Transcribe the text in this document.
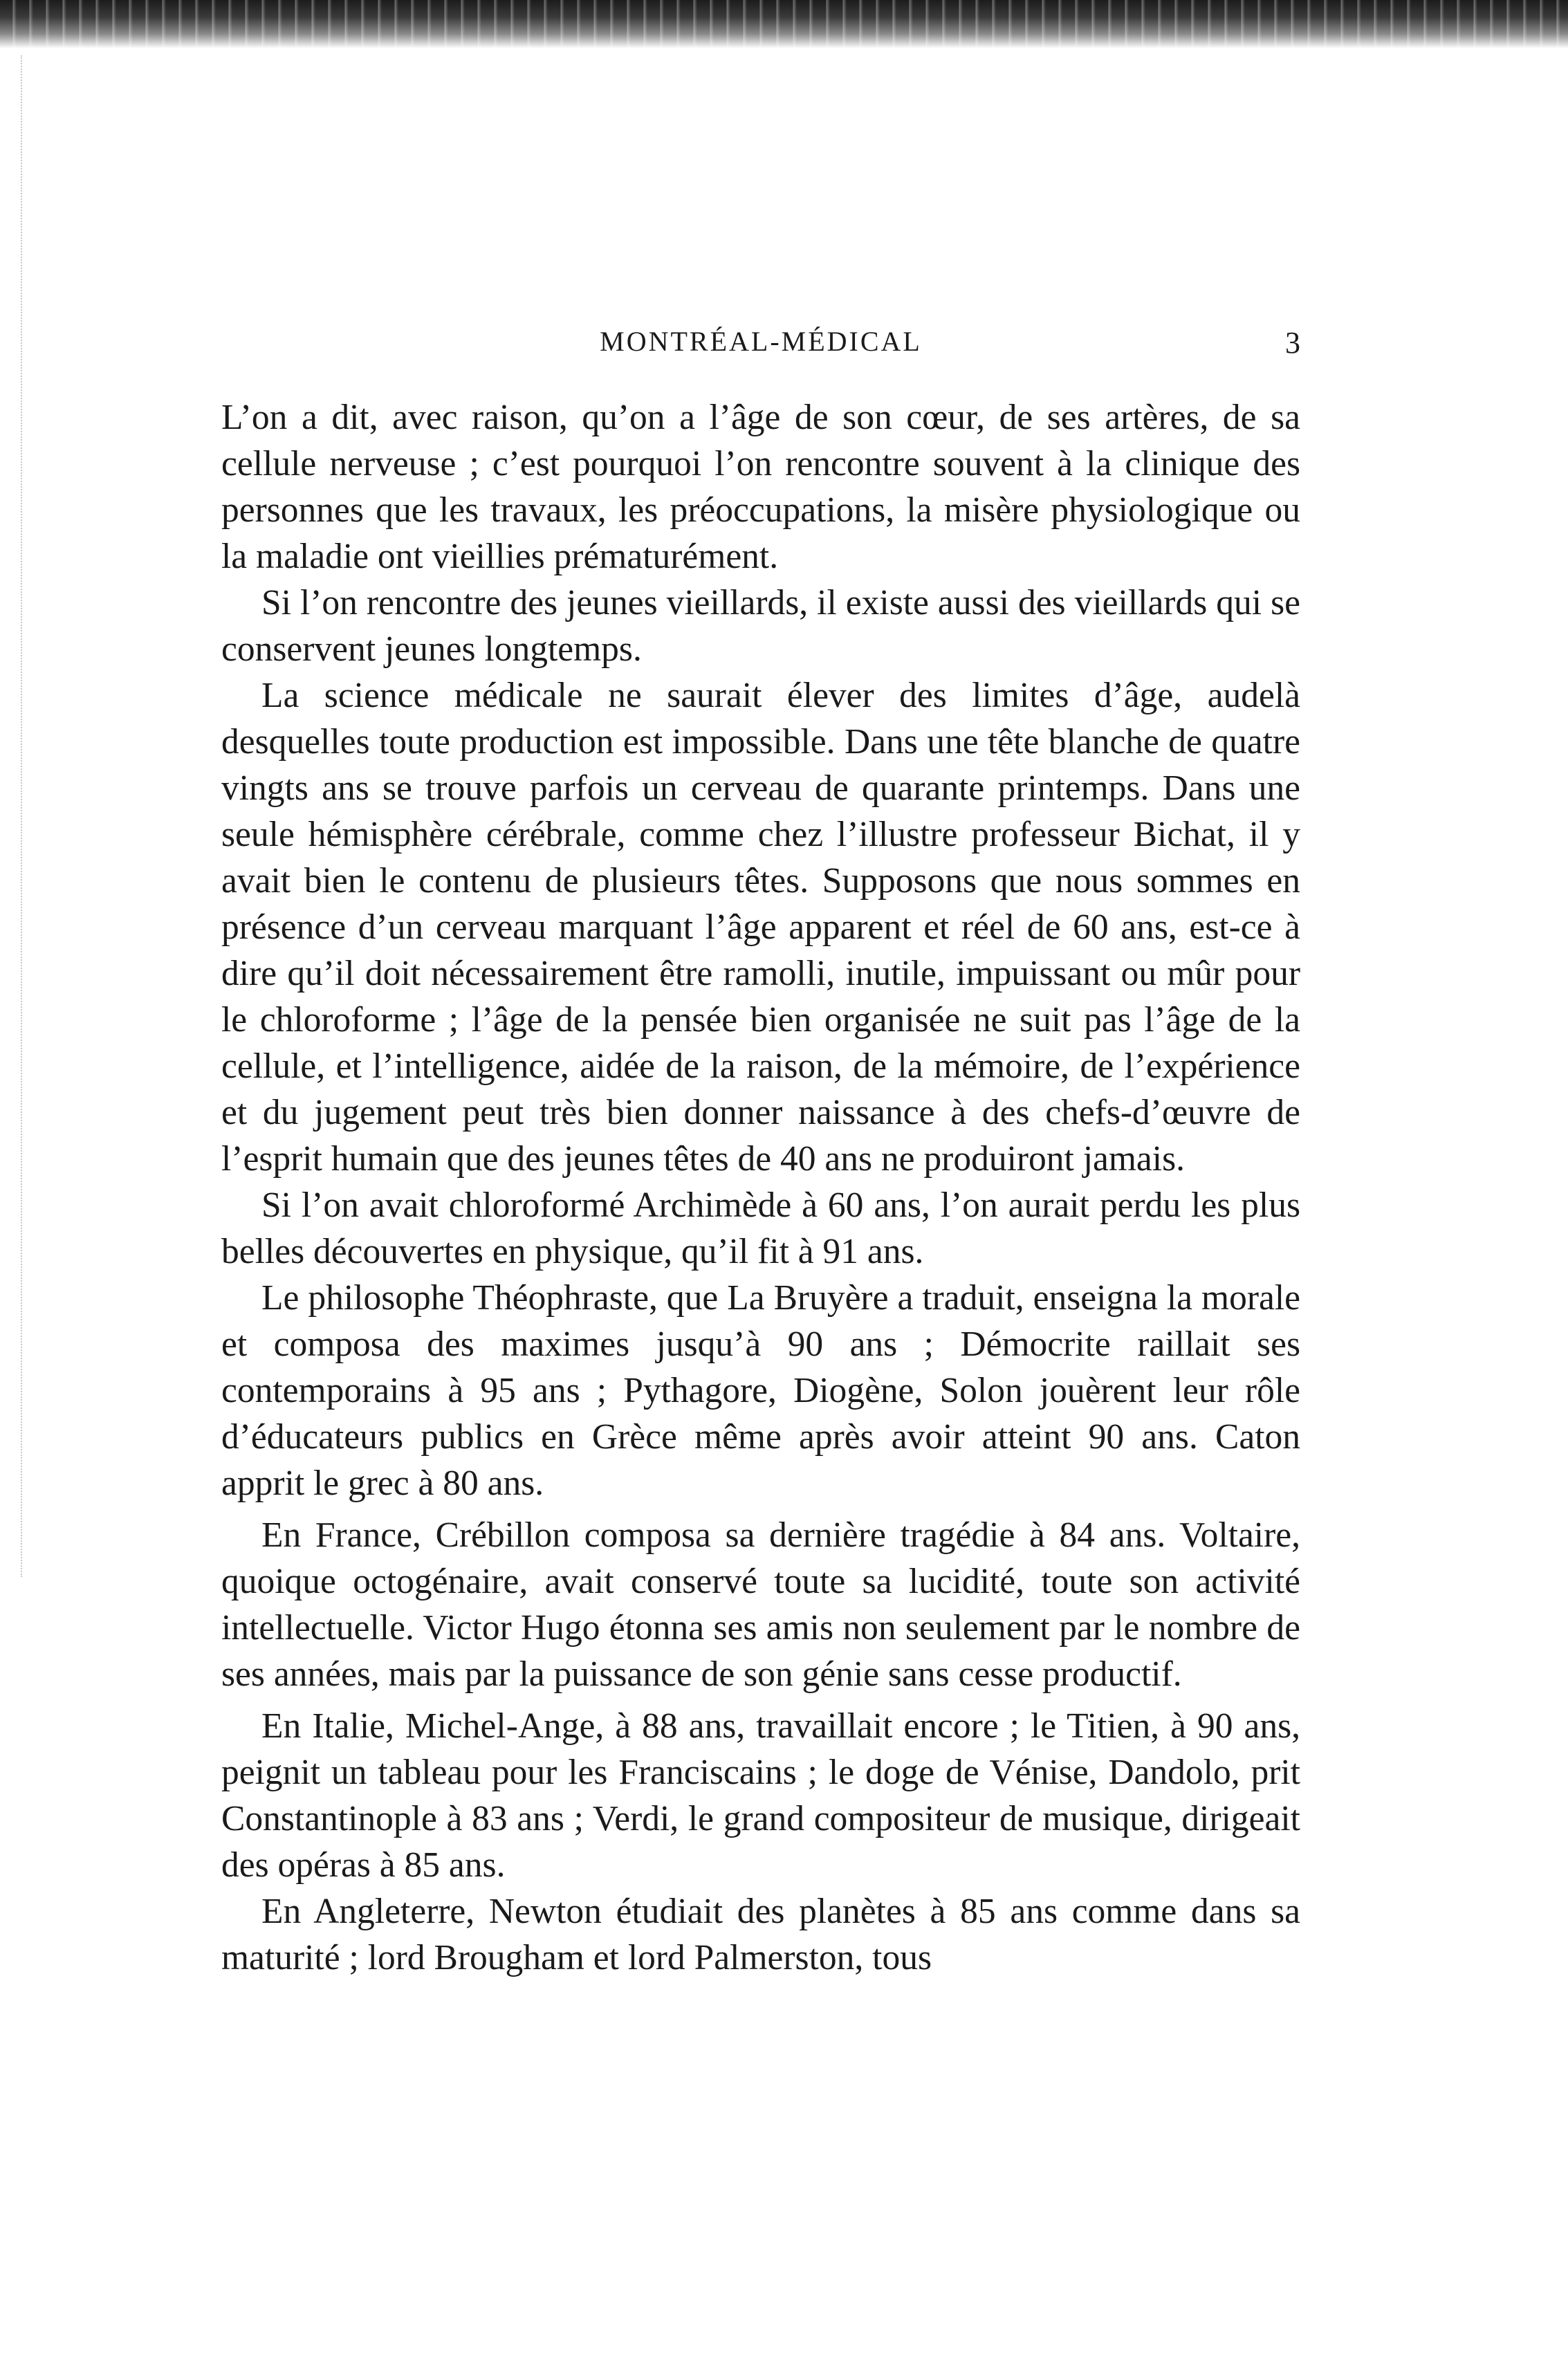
MONTRÉAL-MÉDICAL	3

L’on a dit, avec raison, qu’on a l’âge de son cœur, de ses artères, de sa cellule nerveuse ; c’est pourquoi l’on rencontre souvent à la clinique des personnes que les travaux, les préoccupations, la misère physiologique ou la maladie ont vieillies prématurément.

Si l’on rencontre des jeunes vieillards, il existe aussi des vieillards qui se conservent jeunes longtemps.

La science médicale ne saurait élever des limites d’âge, audelà desquelles toute production est impossible. Dans une tête blanche de quatre vingts ans se trouve parfois un cerveau de quarante printemps. Dans une seule hémisphère cérébrale, comme chez l’illustre professeur Bichat, il y avait bien le contenu de plusieurs têtes. Supposons que nous sommes en présence d’un cerveau marquant l’âge apparent et réel de 60 ans, est-ce à dire qu’il doit nécessairement être ramolli, inutile, impuissant ou mûr pour le chloroforme ; l’âge de la pensée bien organisée ne suit pas l’âge de la cellule, et l’intelligence, aidée de la raison, de la mémoire, de l’expérience et du jugement peut très bien donner naissance à des chefs-d’œuvre de l’esprit humain que des jeunes têtes de 40 ans ne produiront jamais.

Si l’on avait chloroformé Archimède à 60 ans, l’on aurait perdu les plus belles découvertes en physique, qu’il fit à 91 ans.

Le philosophe Théophraste, que La Bruyère a traduit, enseigna la morale et composa des maximes jusqu’à 90 ans ; Démocrite raillait ses contemporains à 95 ans ; Pythagore, Diogène, Solon jouèrent leur rôle d’éducateurs publics en Grèce même après avoir atteint 90 ans. Caton apprit le grec à 80 ans.

En France, Crébillon composa sa dernière tragédie à 84 ans. Voltaire, quoique octogénaire, avait conservé toute sa lucidité, toute son activité intellectuelle. Victor Hugo étonna ses amis non seulement par le nombre de ses années, mais par la puissance de son génie sans cesse productif.

En Italie, Michel-Ange, à 88 ans, travaillait encore ; le Titien, à 90 ans, peignit un tableau pour les Franciscains ; le doge de Vénise, Dandolo, prit Constantinople à 83 ans ; Verdi, le grand compositeur de musique, dirigeait des opéras à 85 ans.

En Angleterre, Newton étudiait des planètes à 85 ans comme dans sa maturité ; lord Brougham et lord Palmerston, tous
